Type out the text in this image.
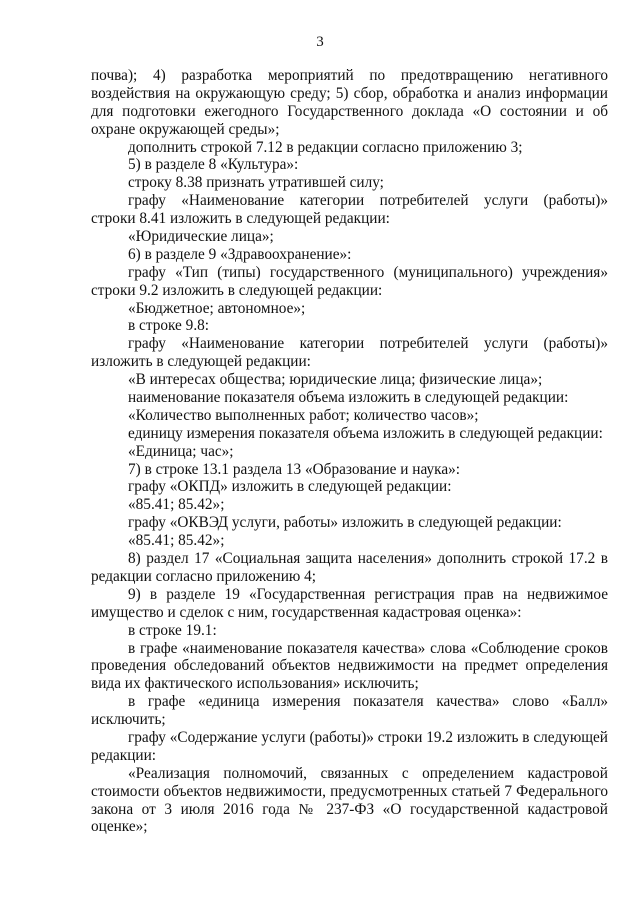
3
почва); 4) разработка мероприятий по предотвращению негативного
воздействия на окружающую среду; 5) сбор, обработка и анализ информации
для подготовки ежегодного Государственного доклада «О состоянии и об
охране окружающей среды»;
дополнить строкой 7.12 в редакции согласно приложению 3;
5) в разделе 8 «Культура»:
строку 8.38 признать утратившей силу;
графу «Наименование категории потребителей услуги (работы)»
строки 8.41 изложить в следующей редакции:
«Юридические лица»;
6) в разделе 9 «Здравоохранение»:
графу «Тип (типы) государственного (муниципального) учреждения»
строки 9.2 изложить в следующей редакции:
«Бюджетное; автономное»;
в строке 9.8:
графу «Наименование категории потребителей услуги (работы)»
изложить в следующей редакции:
«В интересах общества; юридические лица; физические лица»;
наименование показателя объема изложить в следующей редакции:
«Количество выполненных работ; количество часов»;
единицу измерения показателя объема изложить в следующей редакции:
«Единица; час»;
7) в строке 13.1 раздела 13 «Образование и наука»:
графу «ОКПД» изложить в следующей редакции:
«85.41; 85.42»;
графу «ОКВЭД услуги, работы» изложить в следующей редакции:
«85.41; 85.42»;
8) раздел 17 «Социальная защита населения» дополнить строкой 17.2 в
редакции согласно приложению 4;
9) в разделе 19 «Государственная регистрация прав на недвижимое
имущество и сделок с ним, государственная кадастровая оценка»:
в строке 19.1:
в графе «наименование показателя качества» слова «Соблюдение сроков
проведения обследований объектов недвижимости на предмет определения
вида их фактического использования» исключить;
в графе «единица измерения показателя качества» слово «Балл»
исключить;
графу «Содержание услуги (работы)» строки 19.2 изложить в следующей
редакции:
«Реализация полномочий, связанных с определением кадастровой
стоимости объектов недвижимости, предусмотренных статьей 7 Федерального
закона от 3 июля 2016 года № 237-ФЗ «О государственной кадастровой
оценке»;
